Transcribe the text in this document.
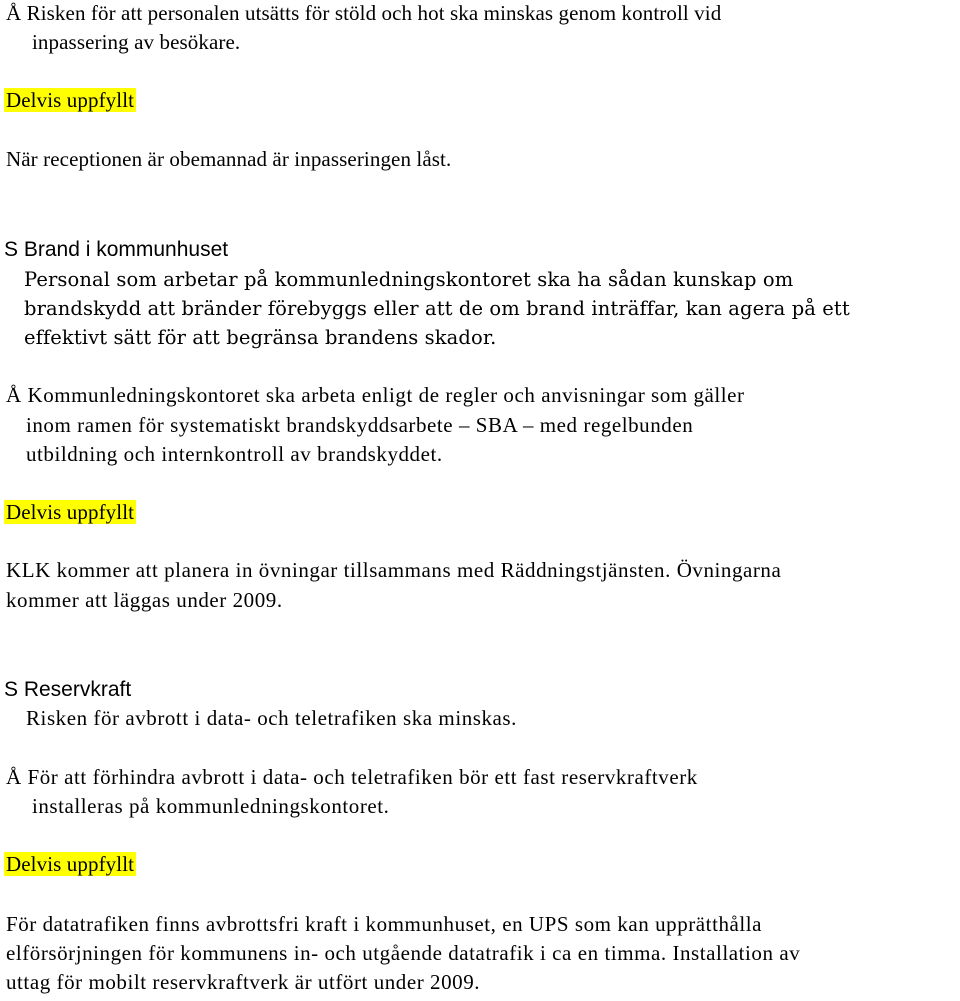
Å Risken för att personalen utsätts för stöld och hot ska minskas genom kontroll vid
inpassering av besökare.
Delvis uppfyllt
När receptionen är obemannad är inpasseringen låst.
S Brand i kommunhuset
Personal som arbetar på kommunledningskontoret ska ha sådan kunskap om
brandskydd att bränder förebyggs eller att de om brand inträffar, kan agera på ett
effektivt sätt för att begränsa brandens skador.
Å Kommunledningskontoret ska arbeta enligt de regler och anvisningar som gäller
inom ramen för systematiskt brandskyddsarbete – SBA – med regelbunden
utbildning och internkontroll av brandskyddet.
Delvis uppfyllt
KLK kommer att planera in övningar tillsammans med Räddningstjänsten. Övningarna
kommer att läggas under 2009.
S Reservkraft
Risken för avbrott i data- och teletrafiken ska minskas.
Å För att förhindra avbrott i data- och teletrafiken bör ett fast reservkraftverk
installeras på kommunledningskontoret.
Delvis uppfyllt
För datatrafiken finns avbrottsfri kraft i kommunhuset, en UPS som kan upprätthålla
elförsörjningen för kommunens in- och utgående datatrafik i ca en timma. Installation av
uttag för mobilt reservkraftverk är utfört under 2009.
